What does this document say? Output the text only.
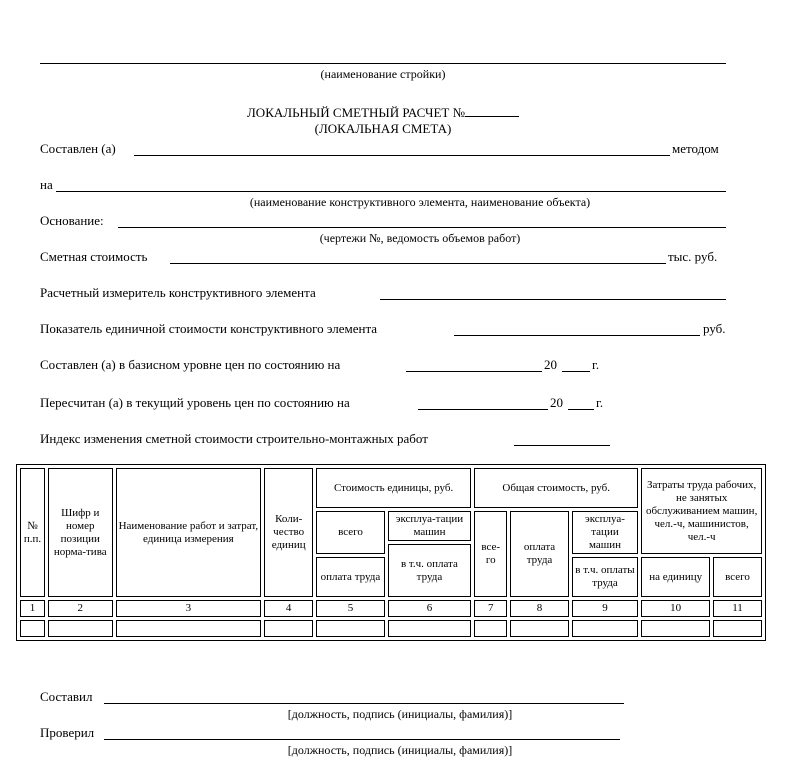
(наименование стройки)
ЛОКАЛЬНЫЙ СМЕТНЫЙ РАСЧЕТ №
(ЛОКАЛЬНАЯ СМЕТА)
Составлен (а)	методом
на
(наименование конструктивного элемента, наименование объекта)
Основание:
(чертежи №, ведомость объемов работ)
Сметная стоимость	тыс. руб.
Расчетный измеритель конструктивного элемента
Показатель единичной стоимости конструктивного элемента	руб.
Составлен (а) в базисном уровне цен по состоянию на	20	г.
Пересчитан (а) в текущий уровень цен по состоянию на	20	г.
Индекс изменения сметной стоимости строительно-монтажных работ
№ п.п.	Шифр и номер позиции норма-тива	Наименование работ и затрат, единица измерения	Коли-чество единиц	Стоимость единицы, руб.		Общая стоимость, руб.			Затраты труда рабочих, не занятых обслуживанием машин, чел.-ч, машинистов, чел.-ч	
				всего	эксплуа-тации машин	все-го	оплата труда	эксплуа-тации машин		
					в т.ч. оплата труда					
				оплата труда				в т.ч. оплаты труда	на единицу	всего
1	2	3	4	5	6	7	8	9	10	11

Составил
[должность, подпись (инициалы, фамилия)]
Проверил
[должность, подпись (инициалы, фамилия)]
